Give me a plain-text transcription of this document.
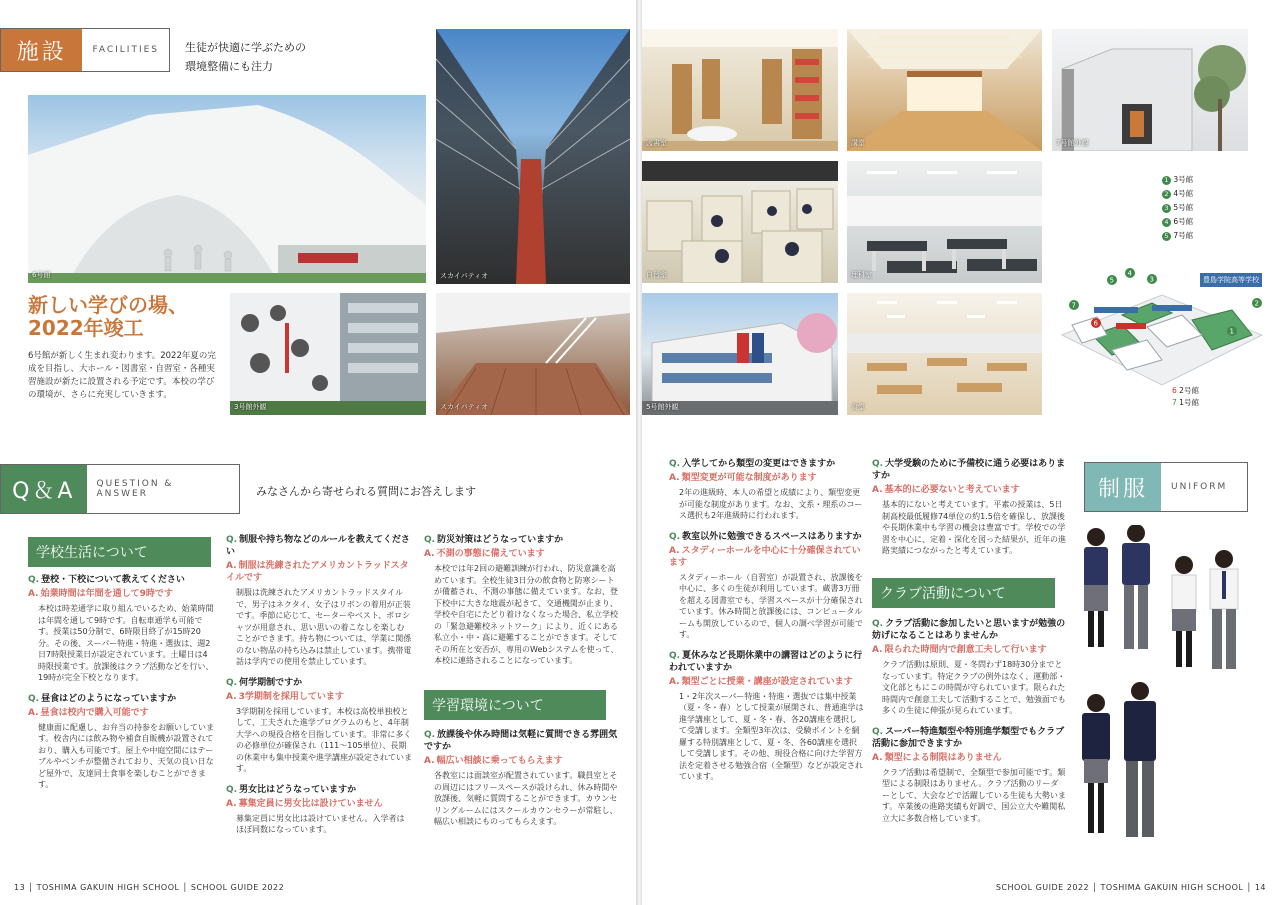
施設	FACILITIES	生徒が快適に学ぶための
環境整備にも注力
6号館	スカイパティオ
新しい学びの場、
2022年竣工
6号館が新しく生まれ変わります。2022年夏の完成を目指し、大ホール・図書室・自習室・各種実習施設が新たに設置される予定です。本校の学びの環境が、さらに充実していきます。
3号館外観	スカイパティオ
Q＆A	QUESTION & ANSWER	みなさんから寄せられる質問にお答えします
学校生活について
Q. 登校・下校について教えてください
A. 始業時間は年間を通して9時です
本校は時差通学に取り組んでいるため、始業時間は年間を通して9時です。自転車通学も可能です。授業は50分制で、6時限目終了が15時20分。その後、スーパー特進・特進・選抜は、週2日7時限授業日が設定されています。土曜日は4時限授業です。放課後はクラブ活動などを行い、19時が完全下校となります。
Q. 昼食はどのようになっていますか
A. 昼食は校内で購入可能です
健康面に配慮し、お弁当の持参をお願いしています。校舎内には飲み物や補食自販機が設置されており、購入も可能です。屋上や中庭空間にはテーブルやベンチが整備されており、天気の良い日など屋外で、友達同士食事を楽しむことができます。
Q. 制服や持ち物などのルールを教えてください
A. 制服は洗練されたアメリカントラッドスタイルです
制服は洗練されたアメリカントラッドスタイルで、男子はネクタイ、女子はリボンの着用が正装です。季節に応じて、セーターやベスト、ポロシャツが用意され、思い思いの着こなしを楽しむことができます。持ち物については、学業に関係のない物品の持ち込みは禁止しています。携帯電話は学内での使用を禁止しています。
Q. 何学期制ですか
A. 3学期制を採用しています
3学期制を採用しています。本校は高校単独校として、工夫された進学プログラムのもと、4年制大学への現役合格を目指しています。非常に多くの必修単位が確保され（111〜105単位）、長期の休業中も集中授業や進学講座が設定されています。
Q. 男女比はどうなっていますか
A. 募集定員に男女比は設けていません
募集定員に男女比は設けていません。入学者はほぼ同数になっています。
Q. 防災対策はどうなっていますか
A. 不測の事態に備えています
本校では年2回の避難訓練が行われ、防災意識を高めています。全校生徒3日分の飲食物と防寒シートが備蓄され、不測の事態に備えています。なお、登下校中に大きな地震が起きて、交通機関が止まり、学校や自宅にたどり着けなくなった場合、私立学校の「緊急避難校ネットワーク」により、近くにある私立小・中・高に避難することができます。そしてその所在と安否が、専用のWebシステムを使って、本校に連絡されることになっています。
学習環境について
Q. 放課後や休み時間は気軽に質問できる雰囲気ですか
A. 幅広い相談に乗ってもらえます
各教室には面談室が配置されています。職員室とその周辺にはフリースペースが設けられ、休み時間や放課後、気軽に質問することができます。カウンセリングルームにはスクールカウンセラーが常駐し、幅広い相談にものってもらえます。
13 │ TOSHIMA GAKUIN HIGH SCHOOL │ SCHOOL GUIDE 2022
図書室	講堂	7号館外観
自習室	理科室
1 3号館
2 4号館
3 5号館
4 6号館
5 7号館
豊島学院高等学校
5
4
3
2
7
6
1
6 2号館
7 1号館
5号館外観	食堂
Q. 入学してから類型の変更はできますか
A. 類型変更が可能な制度があります
2年の進級時、本人の希望と成績により、類型変更が可能な制度があります。なお、文系・理系のコース選択も2年進級時に行われます。
Q. 教室以外に勉強できるスペースはありますか
A. スタディーホールを中心に十分確保されています
スタディーホール（自習室）が設置され、放課後を中心に、多くの生徒が利用しています。蔵書3万冊を超える図書室でも、学習スペースが十分確保されています。休み時間と放課後には、コンピュータルームも開放しているので、個人の調べ学習が可能です。
Q. 夏休みなど長期休業中の講習はどのように行われていますか
A. 類型ごとに授業・講座が設定されています
1・2年次スーパー特進・特進・選抜では集中授業（夏・冬・春）として授業が展開され、普通進学は進学講座として、夏・冬・春、各20講座を選択して受講します。全類型3年次は、受験ポイントを網羅する特別講座として、夏・冬、各60講座を選択して受講します。その他、現役合格に向けた学習方法を定着させる勉強合宿（全類型）などが設定されています。
Q. 大学受験のために予備校に通う必要はありますか
A. 基本的に必要ないと考えています
基本的にないと考えています。平素の授業は、5日制高校最低履修74単位の約1.5倍を確保し、放課後や長期休業中も学習の機会は豊富です。学校での学習を中心に、定着・深化を図った結果が、近年の進路実績につながったと考えています。
クラブ活動について
Q. クラブ活動に参加したいと思いますが勉強の妨げになることはありませんか
A. 限られた時間内で創意工夫して行います
クラブ活動は原則、夏・冬問わず18時30分までとなっています。特定クラブの例外はなく、運動部・文化部ともにこの時間が守られています。限られた時間内で創意工夫して活動することで、勉強面でも多くの生徒に伸張が見られています。
Q. スーパー特進類型や特別進学類型でもクラブ活動に参加できますか
A. 類型による制限はありません
クラブ活動は希望制で、全類型で参加可能です。類型による制限はありません。クラブ活動のリーダーとして、大会などで活躍している生徒も大勢います。卒業後の進路実績も好調で、国公立大や難関私立大に多数合格しています。
制服	UNIFORM
SCHOOL GUIDE 2022 │ TOSHIMA GAKUIN HIGH SCHOOL │ 14
